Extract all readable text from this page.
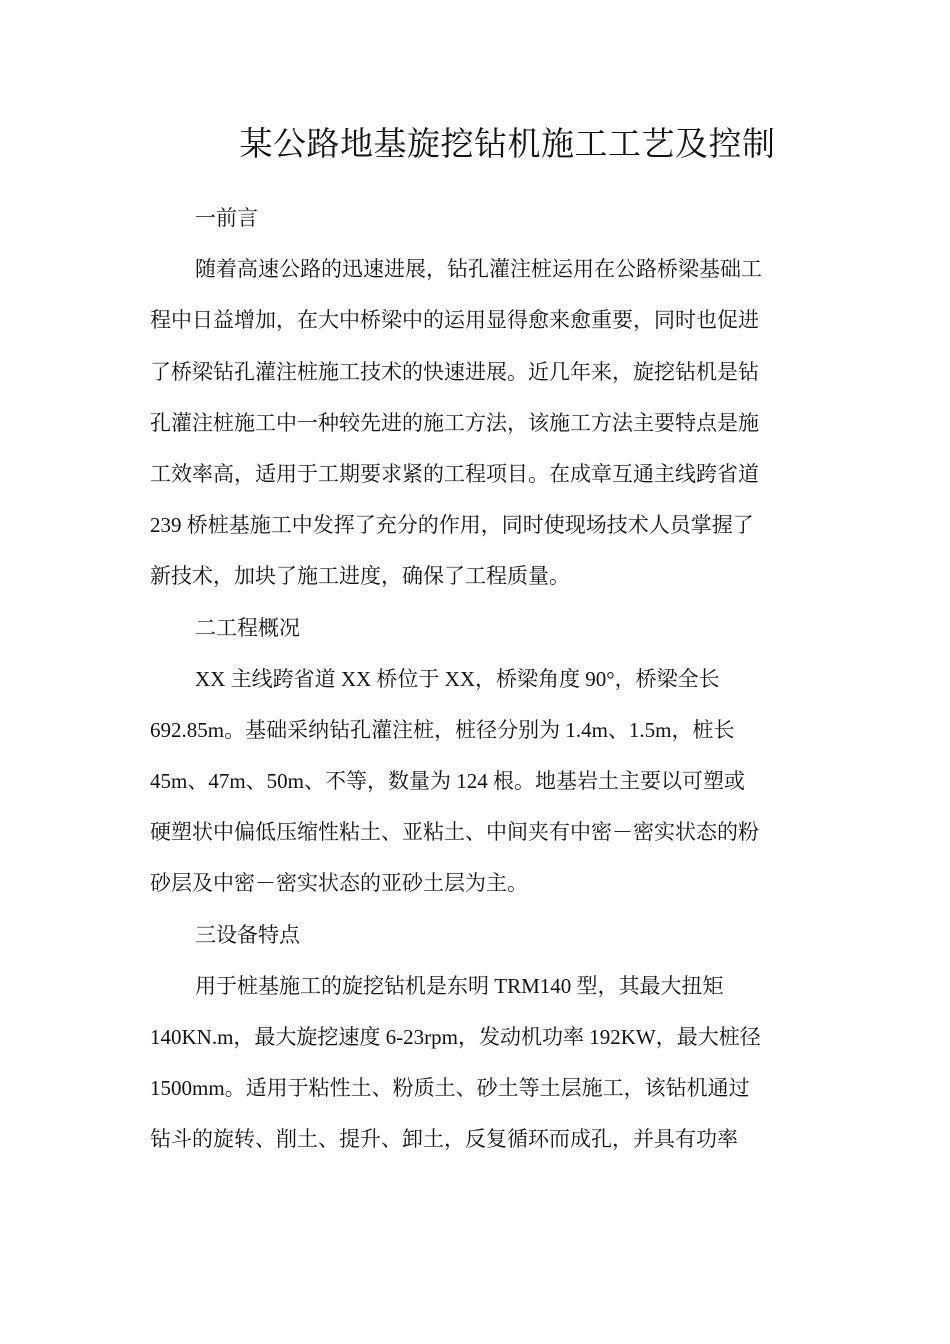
某公路地基旋挖钻机施工工艺及控制
一前言
随着高速公路的迅速进展，钻孔灌注桩运用在公路桥梁基础工
程中日益增加，在大中桥梁中的运用显得愈来愈重要，同时也促进
了桥梁钻孔灌注桩施工技术的快速进展。近几年来，旋挖钻机是钻
孔灌注桩施工中一种较先进的施工方法，该施工方法主要特点是施
工效率高，适用于工期要求紧的工程项目。在成章互通主线跨省道
239 桥桩基施工中发挥了充分的作用，同时使现场技术人员掌握了
新技术，加块了施工进度，确保了工程质量。
二工程概况
XX 主线跨省道 XX 桥位于 XX，桥梁角度 90°，桥梁全长
692.85m。基础采纳钻孔灌注桩，桩径分别为 1.4m、1.5m，桩长
45m、47m、50m、不等，数量为 124 根。地基岩土主要以可塑或
硬塑状中偏低压缩性粘土、亚粘土、中间夹有中密－密实状态的粉
砂层及中密－密实状态的亚砂土层为主。
三设备特点
用于桩基施工的旋挖钻机是东明 TRM140 型，其最大扭矩
140KN.m，最大旋挖速度 6-23rpm，发动机功率 192KW，最大桩径
1500mm。适用于粘性土、粉质土、砂土等土层施工，该钻机通过
钻斗的旋转、削土、提升、卸土，反复循环而成孔，并具有功率
